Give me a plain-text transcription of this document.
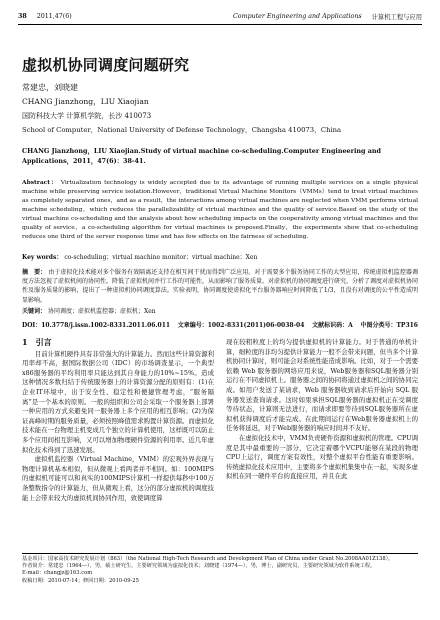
38 2011,47(6)	Computer Engineering and Applications 计算机工程与应用
虚拟机协同调度问题研究
常建忠，刘晓建
CHANG Jianzhong，LIU Xiaojian
国防科技大学 计算机学院，长沙 410073
School of Computer，National University of Defense Technology，Changsha 410073，China
CHANG Jianzhong，LIU Xiaojian.Study of virtual machine co-scheduling.Computer Engineering and Applications，2011，47(6)：38-41.
Abstract： Virtualization technology is widely accepted due to its advantage of running multiple services on a single physical machine while preserving service isolation.However，traditional Virtual Machine Monitors（VMMs）tend to treat virtual machines as completely separated ones，and as a result，the interactions among virtual machines are neglected when VMM performs virtual machine scheduling，which reduces the parallelizability of virtual machines and the quality of service.Based on the study of the virtual machine co-scheduling and the analysis about how scheduling impacts on the cooperativity among virtual machines and the quality of service，a co-scheduling algorithm for virtual machines is proposed.Finally，the experiments show that co-scheduling reduces one third of the server response time and has few effects on the fairness of scheduling.
Key words： co-scheduling；virtual machine monitor；virtual machine；Xen
摘　要： 由于虚拟化技术能对多个服务有效隔离还支持在相互间干扰而得到广泛应用。对于需要多个服务协同工作的大型应用，传统虚拟机监控器调度方法忽视了虚拟机间的协同性，降低了虚拟机间并行工作的可能性，从而影响了服务质量。对虚拟机的协同调度进行研究，分析了调度对虚拟机协同性及服务质量的影响，提出了一种虚拟机协同调度算法。实验表明，协同调度使虚拟化平台服务器响应时间降低了1/3，且没有对调度的公平性造成明显影响。
关键词： 协同调度；虚拟机监控器；虚拟机；Xen
DOI：10.3778/j.issn.1002-8331.2011.06.011 文章编号：1002-8331(2011)06-0038-04 文献标识码：A 中图分类号：TP316
1　引言

目前计算机硬件具有非常强大的计算能力。然而这些计算资源利用率却不高，据国际数据公司（IDC）的市场调查显示，一个典型x86服务器的平均利用率只能达到其自身能力的10%~15%。造成这种情况多数归结于传统服务器上的计算资源分配的原则有：(1)在企业IT环境中，出于安全性、稳定性和便捷管理考虑，“服务隔离”是一个基本的原则。一般的组织和公司会采取一个服务器上部署一种应用的方式来避免同一服务器上多个应用的相互影响；(2)为保证高峰时期的服务质量，必须按照峰值需求购置计算资源。而虚拟化技术能在一台物理主机变成几个独立的计算机使用，这样既可以防止多个应用间相互影响，又可以增加物理硬件资源的利用率。近几年虚拟化技术得到了迅速发展。

虚拟机监控器（Virtual Machine，VMM）的宏观外界表现与物理计算机基本相似，但从微观上看两者并不相同。如：100MIPS的虚拟机可能可以和真实的100MIPS计算机一样提供每秒中100万条整数指令的计算能力，但从微观上看，这分的部分虚拟机的调度技能上会带来较大的虚拟机间协同作用，致使调度算

现在较粗粒度上的均匀提供虚拟机的计算能力。对于普通的单机计算，细粒度的非均匀提供计算能力一般不会带来问题，但当多个计算机协同计算时，则可能会对系统性能造成影响。比如，对于一个需要依赖 Web 服务器的网络应用来说，Web服务器和SQL服务器分别运行在不同虚拟机上。服务器之间的协同将通过虚拟机之间的协同完成。如用户发送了某请求，Web 服务器收到请求后开始向 SQL 服务器发送查询请求。这时如果承担SQL服务器的虚拟机正在受调度等待状态，计算则无法进行，而请求即要等待到SQL服务器所在虚拟机获得调度后才能完成。在此期间运行在Web服务器虚拟机上的任务将延迟，对于Web服务器的响应时间并不友好。

在虚拟化技术中，VMM负责硬件资源和虚拟机的管理。CPU调度是其中最重要的一部分，它决定着哪个VCPU能够在某段的物理CPU上运行，调度方案有效性，对整个虚拟平台性能有重要影响。传统虚拟化技术应用中，主要将多个虚拟机集集中在一起，实现多虚拟机在同一硬件平台的直接应用，并且在此

基金项目：国家高技术研究发展计划（863）（the National High-Tech Research and Development Plan of China under Grant No.2008AA01Z138）。
作者简介：常建忠（1964—），男，硕士研究生，主要研究领域为虚拟化技术；刘晓建（1974—），男，博士，副研究员，主要研究领域为软件系统工程。
E-mail：changjz@163.com
收稿日期：2010-07-14；修回日期：2010-09-25
